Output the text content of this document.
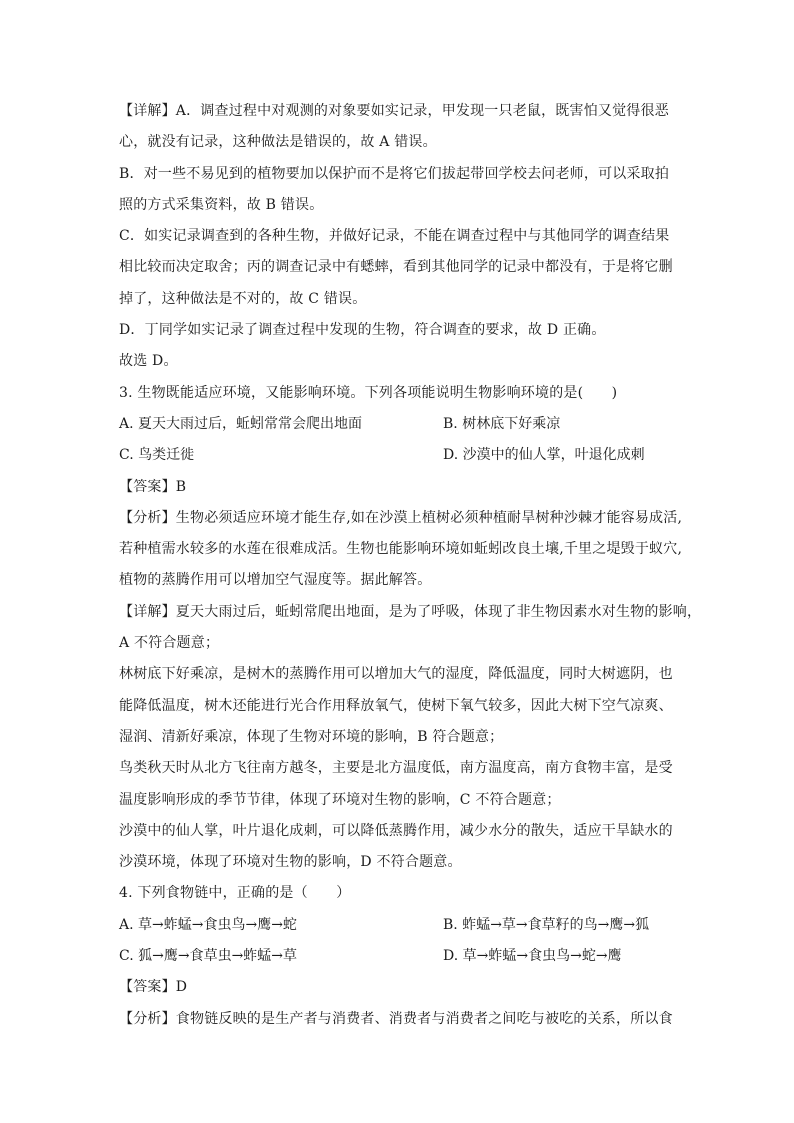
【详解】A．调查过程中对观测的对象要如实记录，甲发现一只老鼠，既害怕又觉得很恶
心，就没有记录，这种做法是错误的，故 A 错误。
B．对一些不易见到的植物要加以保护而不是将它们拔起带回学校去问老师，可以采取拍
照的方式采集资料，故 B 错误。
C．如实记录调查到的各种生物，并做好记录，不能在调查过程中与其他同学的调查结果
相比较而决定取舍；丙的调查记录中有蟋蟀，看到其他同学的记录中都没有，于是将它删
掉了，这种做法是不对的，故 C 错误。
D．丁同学如实记录了调查过程中发现的生物，符合调查的要求，故 D 正确。
故选 D。
3. 生物既能适应环境，又能影响环境。下列各项能说明生物影响环境的是(　　)
A. 夏天大雨过后，蚯蚓常常会爬出地面	B. 树林底下好乘凉
C. 鸟类迁徙	D. 沙漠中的仙人掌，叶退化成刺
【答案】B
【分析】生物必须适应环境才能生存,如在沙漠上植树必须种植耐旱树种沙棘才能容易成活,
若种植需水较多的水莲在很难成活。生物也能影响环境如蚯蚓改良土壤,千里之堤毁于蚁穴,
植物的蒸腾作用可以增加空气湿度等。据此解答。
【详解】夏天大雨过后，蚯蚓常爬出地面，是为了呼吸，体现了非生物因素水对生物的影响，
A 不符合题意；
林树底下好乘凉，是树木的蒸腾作用可以增加大气的湿度，降低温度，同时大树遮阴，也
能降低温度，树木还能进行光合作用释放氧气，使树下氧气较多，因此大树下空气凉爽、
湿润、清新好乘凉，体现了生物对环境的影响，B 符合题意；
鸟类秋天时从北方飞往南方越冬，主要是北方温度低，南方温度高，南方食物丰富，是受
温度影响形成的季节节律，体现了环境对生物的影响，C 不符合题意；
沙漠中的仙人掌，叶片退化成刺，可以降低蒸腾作用，减少水分的散失，适应干旱缺水的
沙漠环境，体现了环境对生物的影响，D 不符合题意。
4. 下列食物链中，正确的是（　　）
A. 草→蚱蜢→食虫鸟→鹰→蛇	B. 蚱蜢→草→食草籽的鸟→鹰→狐
C. 狐→鹰→食草虫→蚱蜢→草	D. 草→蚱蜢→食虫鸟→蛇→鹰
【答案】D
【分析】食物链反映的是生产者与消费者、消费者与消费者之间吃与被吃的关系，所以食
